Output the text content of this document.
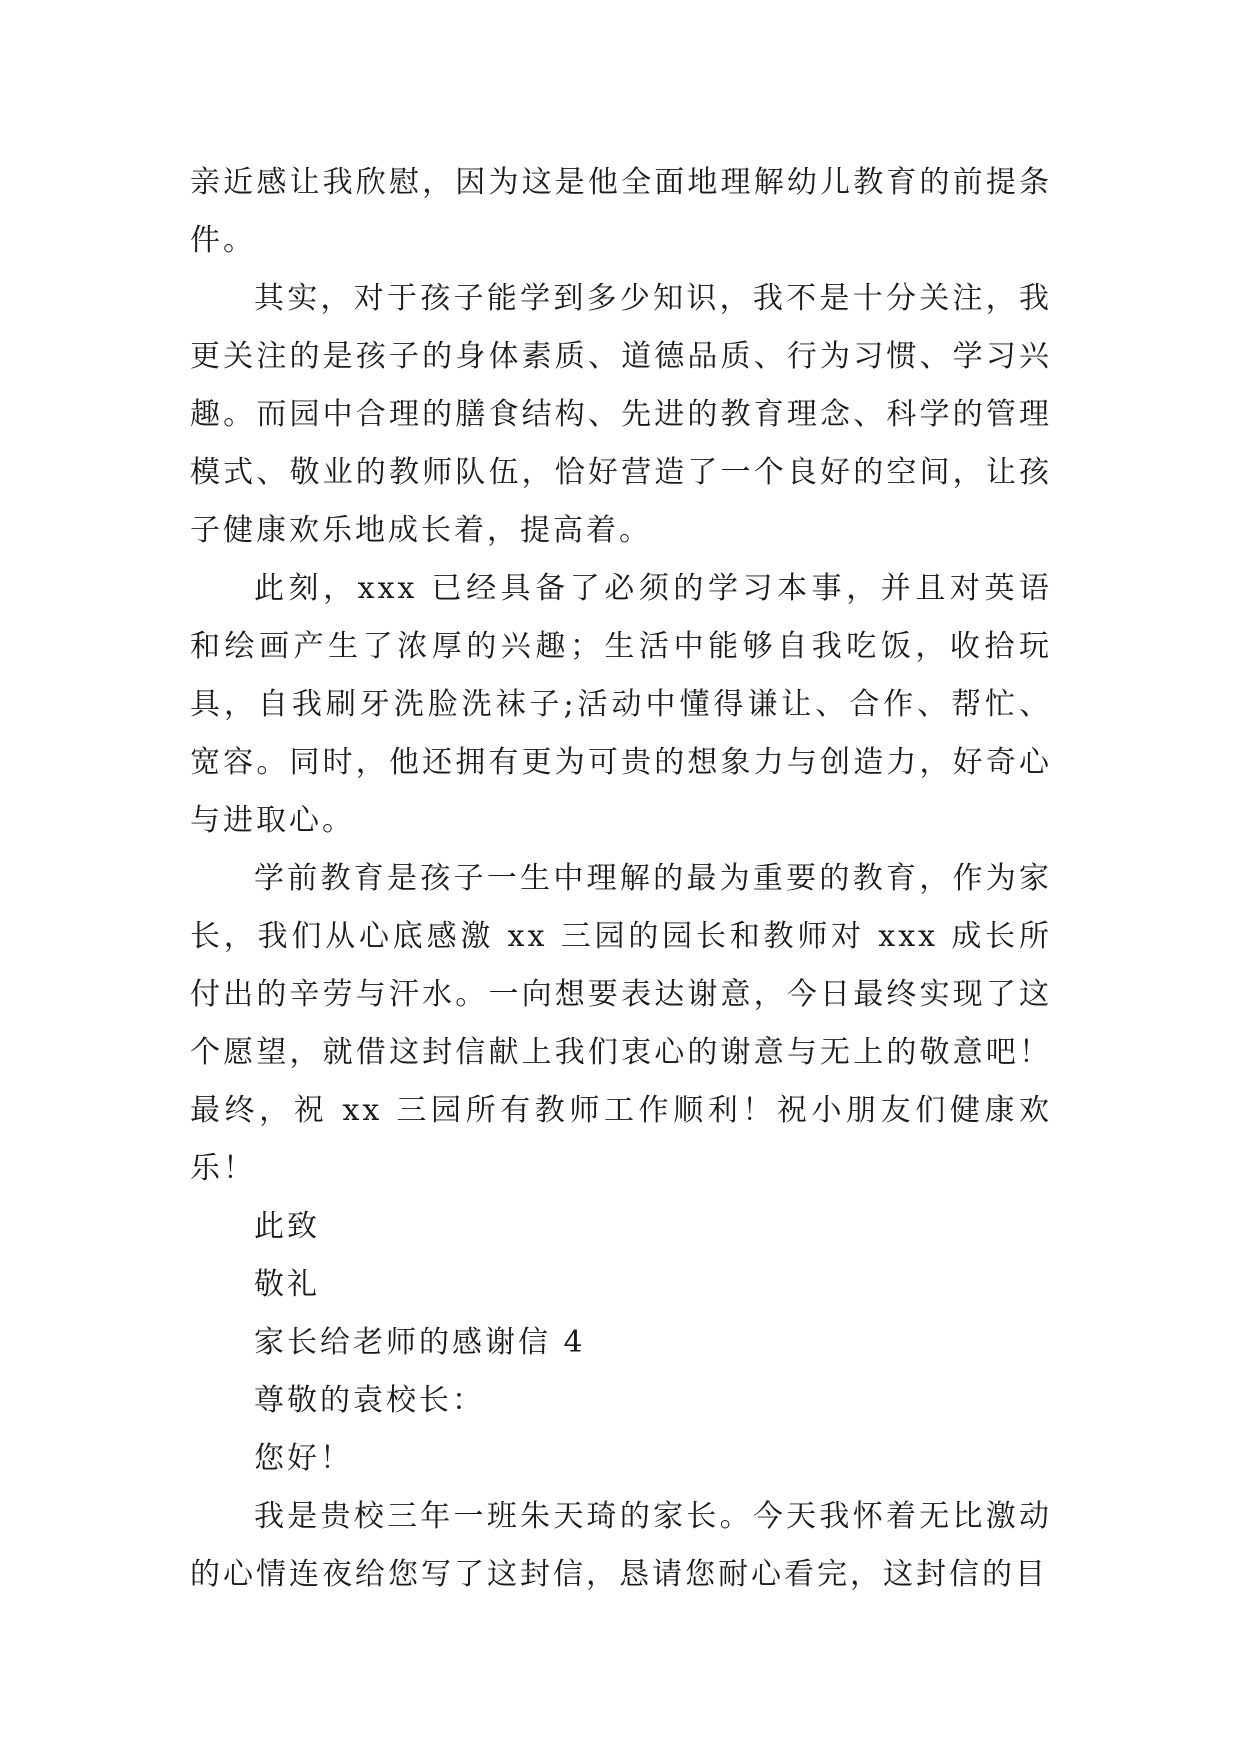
亲近感让我欣慰，因为这是他全面地理解幼儿教育的前提条件。

其实，对于孩子能学到多少知识，我不是十分关注，我更关注的是孩子的身体素质、道德品质、行为习惯、学习兴趣。而园中合理的膳食结构、先进的教育理念、科学的管理模式、敬业的教师队伍，恰好营造了一个良好的空间，让孩子健康欢乐地成长着，提高着。

此刻，xxx 已经具备了必须的学习本事，并且对英语和绘画产生了浓厚的兴趣；生活中能够自我吃饭，收拾玩具，自我刷牙洗脸洗袜子;活动中懂得谦让、合作、帮忙、宽容。同时，他还拥有更为可贵的想象力与创造力，好奇心与进取心。

学前教育是孩子一生中理解的最为重要的教育，作为家长，我们从心底感激 xx 三园的园长和教师对 xxx 成长所付出的辛劳与汗水。一向想要表达谢意，今日最终实现了这个愿望，就借这封信献上我们衷心的谢意与无上的敬意吧！最终，祝 xx 三园所有教师工作顺利！祝小朋友们健康欢乐！

此致

敬礼

家长给老师的感谢信 4

尊敬的袁校长：

您好！

我是贵校三年一班朱天琦的家长。今天我怀着无比激动的心情连夜给您写了这封信，恳请您耐心看完，这封信的目
